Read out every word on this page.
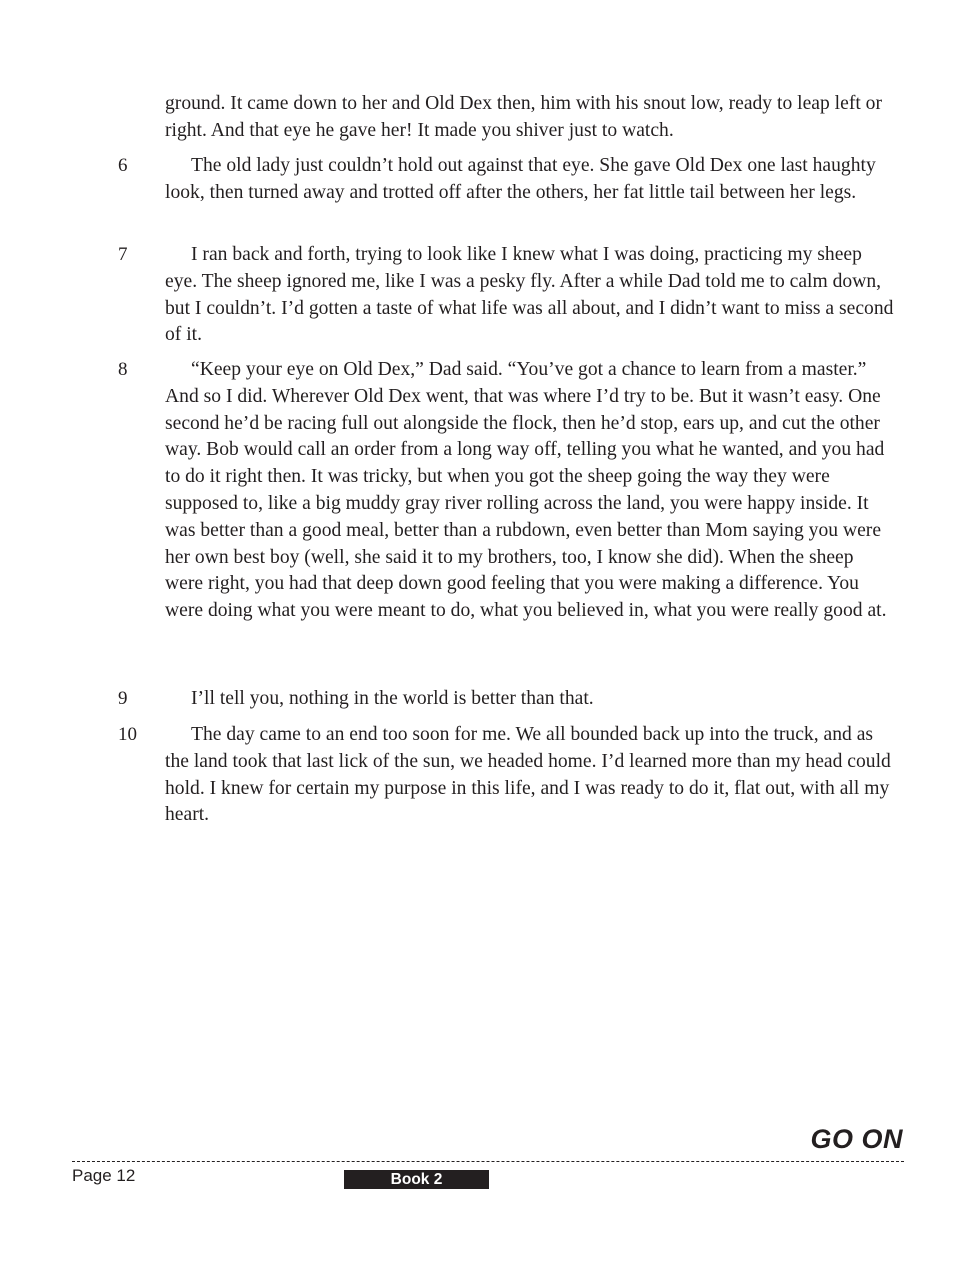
ground. It came down to her and Old Dex then, him with his snout low, ready to leap left or right. And that eye he gave her! It made you shiver just to watch.

6	The old lady just couldn’t hold out against that eye. She gave Old Dex one last haughty look, then turned away and trotted off after the others, her fat little tail between her legs.

7	I ran back and forth, trying to look like I knew what I was doing, practicing my sheep eye. The sheep ignored me, like I was a pesky fly. After a while Dad told me to calm down, but I couldn’t. I’d gotten a taste of what life was all about, and I didn’t want to miss a second of it.

8	“Keep your eye on Old Dex,” Dad said. “You’ve got a chance to learn from a master.” And so I did. Wherever Old Dex went, that was where I’d try to be. But it wasn’t easy. One second he’d be racing full out alongside the flock, then he’d stop, ears up, and cut the other way. Bob would call an order from a long way off, telling you what he wanted, and you had to do it right then. It was tricky, but when you got the sheep going the way they were supposed to, like a big muddy gray river rolling across the land, you were happy inside. It was better than a good meal, better than a rubdown, even better than Mom saying you were her own best boy (well, she said it to my brothers, too, I know she did). When the sheep were right, you had that deep down good feeling that you were making a difference. You were doing what you were meant to do, what you believed in, what you were really good at.

9	I’ll tell you, nothing in the world is better than that.

10	The day came to an end too soon for me. We all bounded back up into the truck, and as the land took that last lick of the sun, we headed home. I’d learned more than my head could hold. I knew for certain my purpose in this life, and I was ready to do it, flat out, with all my heart.

GO ON
Page 12	Book 2
